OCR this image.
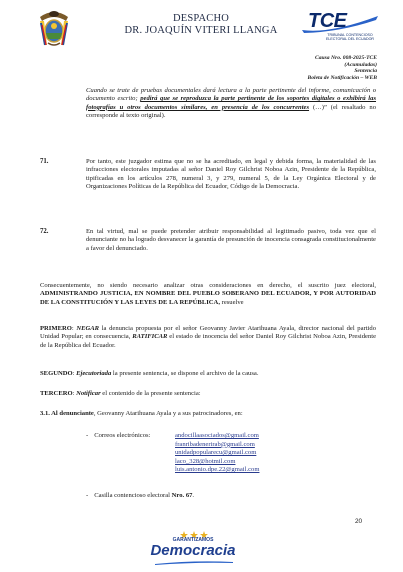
DESPACHO
DR. JOAQUÍN VITERI LLANGA	TCE
TRIBUNAL CONTENCIOSO ELECTORAL DEL ECUADOR
Causa Nro. 008-2025-TCE
(Acumuladas)
Sentencia
Boleta de Notificación – WEB
Cuando se trate de pruebas documentales dará lectura a la parte pertinente del informe, comunicación o documento escrito; pedirá que se reproduzca la parte pertinente de los soportes digitales o exhibirá las fotografías u otros documentos similares, en presencia de los concurrentes (…)” (el resaltado no corresponde al texto original).
71.	Por tanto, este juzgador estima que no se ha acreditado, en legal y debida forma, la materialidad de las infracciones electorales imputadas al señor Daniel Roy Gilchrist Noboa Azin, Presidente de la República, tipificadas en los artículos 278, numeral 3, y 279, numeral 5, de la Ley Orgánica Electoral y de Organizaciones Políticas de la República del Ecuador, Código de la Democracia.
72.	En tal virtud, mal se puede pretender atribuir responsabilidad al legitimado pasivo, toda vez que el denunciante no ha logrado desvanecer la garantía de presunción de inocencia consagrada constitucionalmente a favor del denunciado.
Consecuentemente, no siendo necesario analizar otras consideraciones en derecho, el suscrito juez electoral, ADMINISTRANDO JUSTICIA, EN NOMBRE DEL PUEBLO SOBERANO DEL ECUADOR, Y POR AUTORIDAD DE LA CONSTITUCIÓN Y LAS LEYES DE LA REPÚBLICA, resuelve
PRIMERO: NEGAR la denuncia propuesta por el señor Geovanny Javier Atarihuana Ayala, director nacional del partido Unidad Popular; en consecuencia, RATIFICAR el estado de inocencia del señor Daniel Roy Gilchrist Noboa Azin, Presidente de la República del Ecuador.
SEGUNDO: Ejecutoriada la presente sentencia, se dispone el archivo de la causa.
TERCERO: Notificar el contenido de la presente sentencia:
3.1. Al denunciante, Geovanny Atarihuana Ayala y a sus patrocinadores, en:
- Correos electrónicos:	andocillaasociados@gmail.com
franribadenerirab@gmail.com
unidadpopularecu@gmail.com
laco_328@hotmil.com
luis.antonio.dpe.22@gmail.com
- Casilla contencioso electoral Nro. 67.
20
GARANTIZAMOS
Democracia
